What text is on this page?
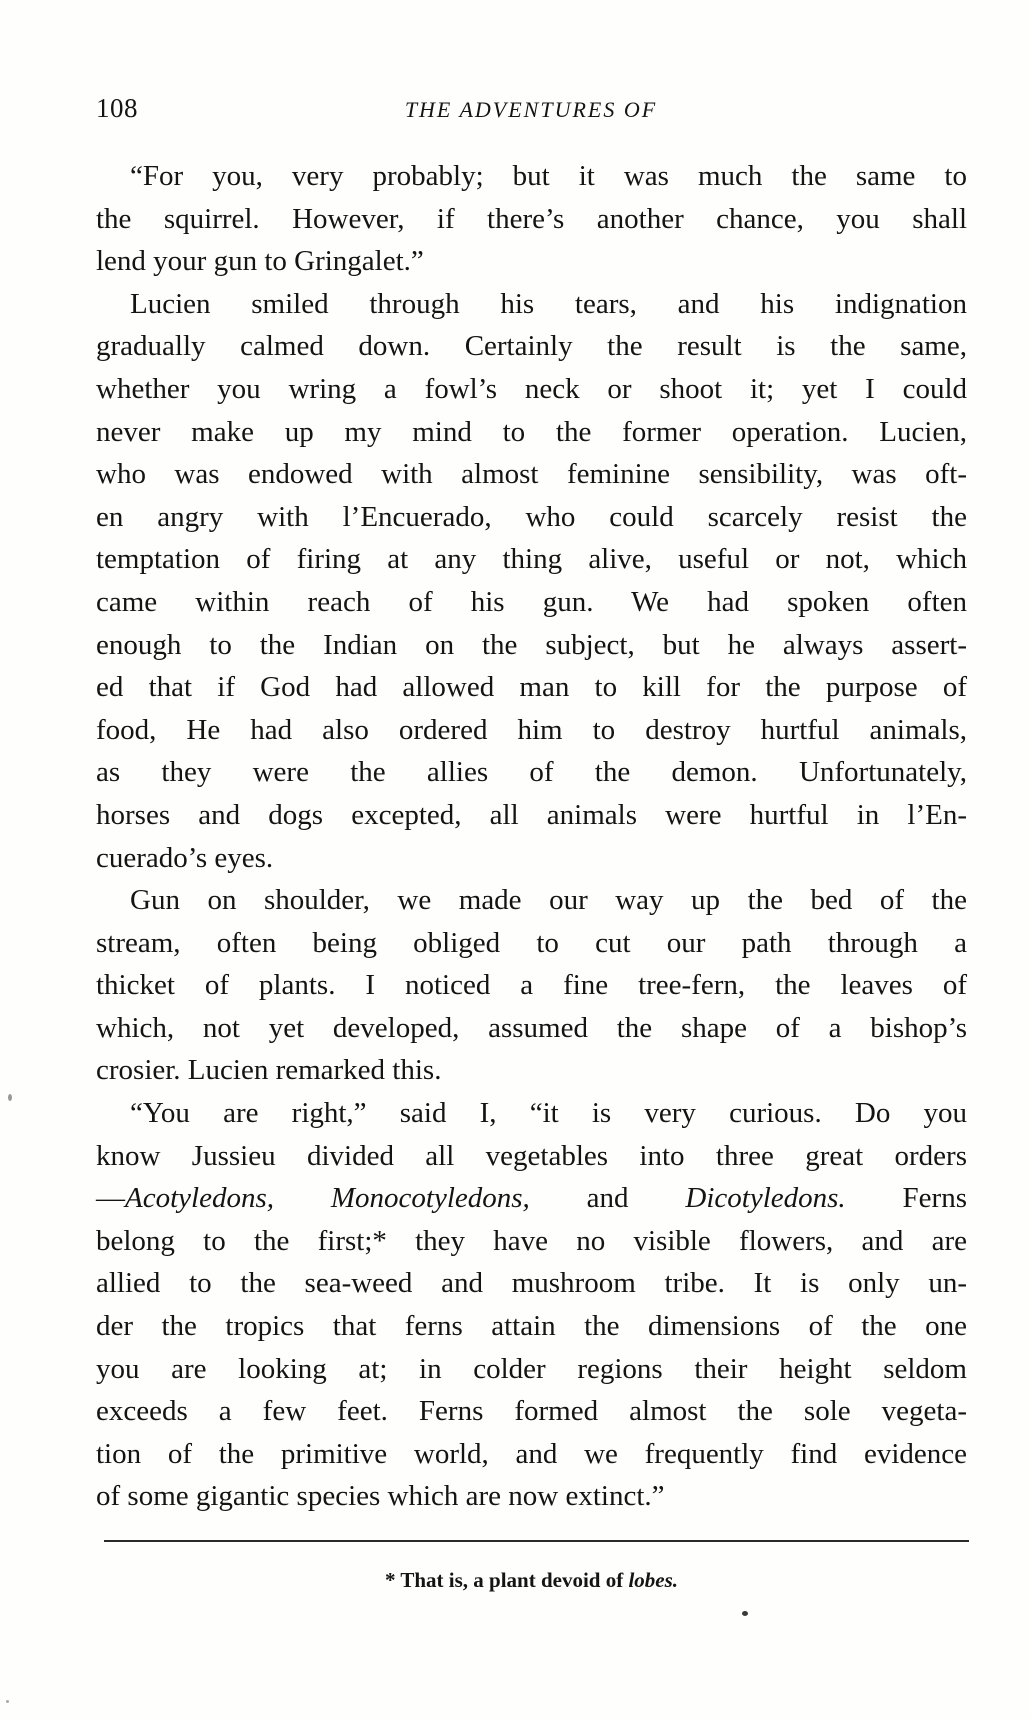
108	THE ADVENTURES OF

“For you, very probably; but it was much the same to
the squirrel. However, if there’s another chance, you shall
lend your gun to Gringalet.”

Lucien smiled through his tears, and his indignation
gradually calmed down. Certainly the result is the same,
whether you wring a fowl’s neck or shoot it; yet I could
never make up my mind to the former operation. Lucien,
who was endowed with almost feminine sensibility, was oft-
en angry with l’Encuerado, who could scarcely resist the
temptation of firing at any thing alive, useful or not, which
came within reach of his gun. We had spoken often
enough to the Indian on the subject, but he always assert-
ed that if God had allowed man to kill for the purpose of
food, He had also ordered him to destroy hurtful animals,
as they were the allies of the demon. Unfortunately,
horses and dogs excepted, all animals were hurtful in l’En-
cuerado’s eyes.

Gun on shoulder, we made our way up the bed of the
stream, often being obliged to cut our path through a
thicket of plants. I noticed a fine tree-fern, the leaves of
which, not yet developed, assumed the shape of a bishop’s
crosier. Lucien remarked this.

“You are right,” said I, “it is very curious. Do you
know Jussieu divided all vegetables into three great orders
—Acotyledons, Monocotyledons, and Dicotyledons. Ferns
belong to the first;* they have no visible flowers, and are
allied to the sea-weed and mushroom tribe. It is only un-
der the tropics that ferns attain the dimensions of the one
you are looking at; in colder regions their height seldom
exceeds a few feet. Ferns formed almost the sole vegeta-
tion of the primitive world, and we frequently find evidence
of some gigantic species which are now extinct.”

* That is, a plant devoid of lobes.
